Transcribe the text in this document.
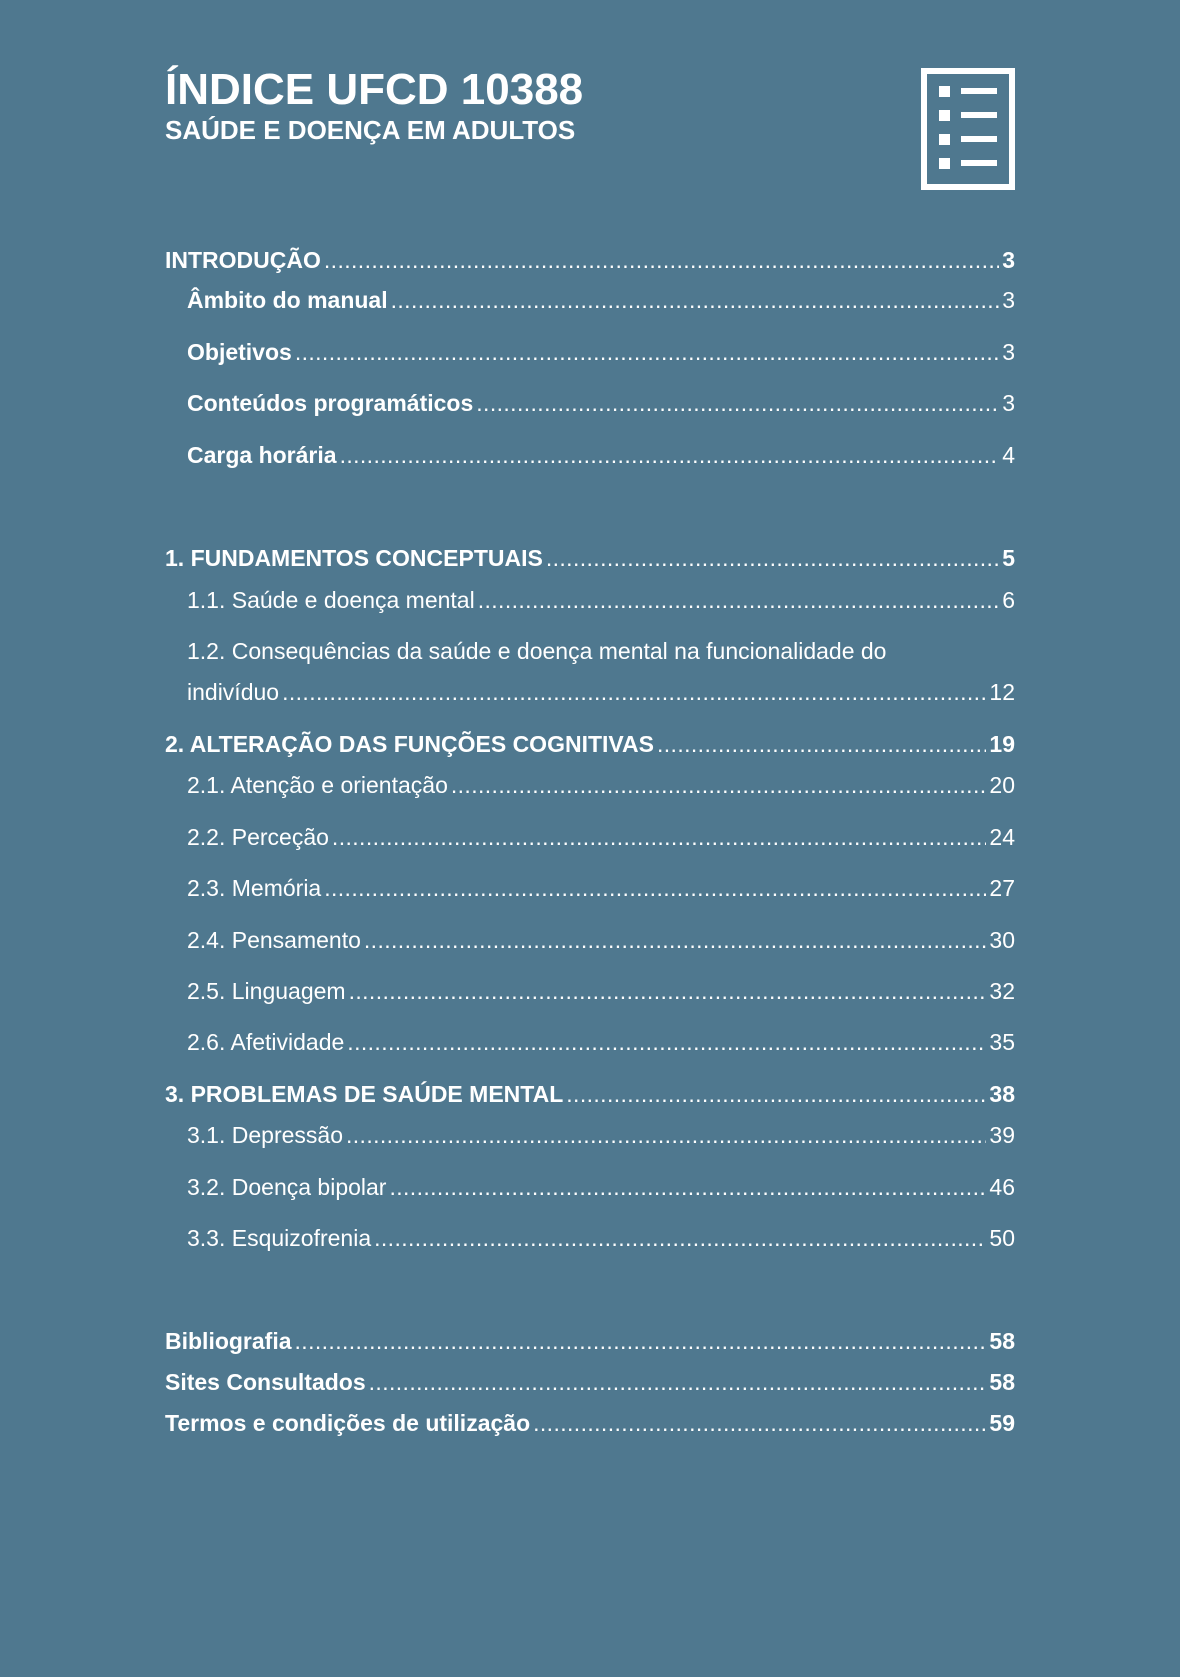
ÍNDICE UFCD 10388
SAÚDE E DOENÇA EM ADULTOS
INTRODUÇÃO . . .	3
Âmbito do manual . . .	3
Objetivos . . .	3
Conteúdos programáticos . . .	3
Carga horária . . .	4
1. FUNDAMENTOS CONCEPTUAIS . . .	5
1.1. Saúde e doença mental . . .	6
1.2. Consequências da saúde e doença mental na funcionalidade do
indivíduo . . .	12
2. ALTERAÇÃO DAS FUNÇÕES COGNITIVAS . . .	19
2.1. Atenção e orientação . . .	20
2.2. Perceção . . .	24
2.3. Memória . . .	27
2.4. Pensamento . . .	30
2.5. Linguagem . . .	32
2.6. Afetividade . . .	35
3. PROBLEMAS DE SAÚDE MENTAL . . .	38
3.1. Depressão . . .	39
3.2. Doença bipolar . . .	46
3.3. Esquizofrenia . . .	50
Bibliografia . . .	58
Sites Consultados . . .	58
Termos e condições de utilização . . .	59
